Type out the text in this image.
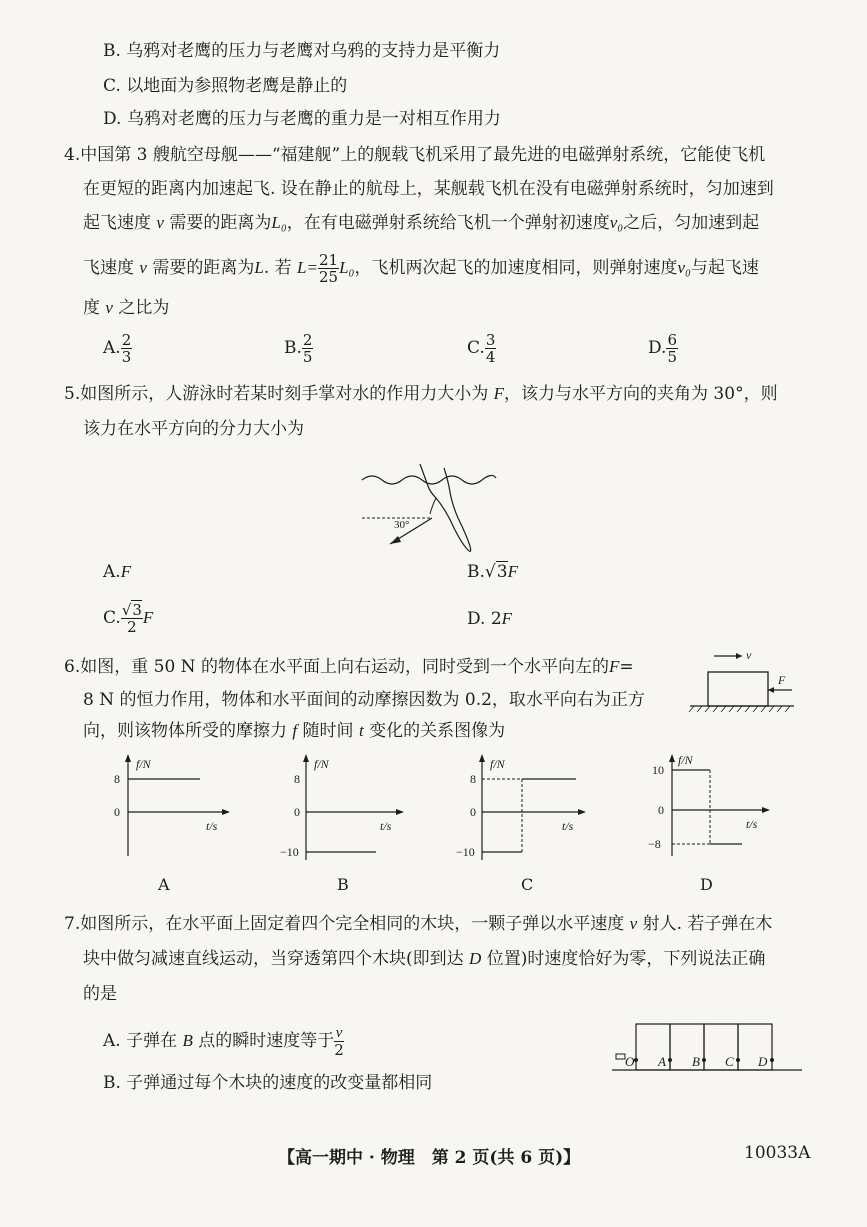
B. 乌鸦对老鹰的压力与老鹰对乌鸦的支持力是平衡力
C. 以地面为参照物老鹰是静止的
D. 乌鸦对老鹰的压力与老鹰的重力是一对相互作用力
4.中国第 3 艘航空母舰——“福建舰”上的舰载飞机采用了最先进的电磁弹射系统，它能使飞机
在更短的距离内加速起飞. 设在静止的航母上，某舰载飞机在没有电磁弹射系统时，匀加速到
起飞速度 v 需要的距离为L₀，在有电磁弹射系统给飞机一个弹射初速度v₀之后，匀加速到起
飞速度 v 需要的距离为L. 若 $L= \frac{21}{25} L_0$，飞机两次起飞的加速度相同，则弹射速度v₀与起飞速
度 v 之比为
A. $\frac{2}{3}$	B. $\frac{2}{5}$	C. $\frac{3}{4}$	D. $\frac{6}{5}$
5.如图所示，人游泳时若某时刻手掌对水的作用力大小为 F，该力与水平方向的夹角为 30°，则
该力在水平方向的分力大小为
30°
A.F	B.√3F
C. $\frac{√3}{2}$ F	D. 2F
6.如图，重 50 N 的物体在水平面上向右运动，同时受到一个水平向左的F=
8 N 的恒力作用，物体和水平面间的动摩擦因数为 0.2，取水平向右为正方
向，则该物体所受的摩擦力 f 随时间 t 变化的关系图像为
v
F
f/N
t/s
8
0
A
f/N
t/s
8
0
−10
B
f/N
t/s
8
0
−10
C
f/N
t/s
10
0
−8
D
7.如图所示，在水平面上固定着四个完全相同的木块，一颗子弹以水平速度 v 射人. 若子弹在木
块中做匀减速直线运动，当穿透第四个木块(即到达 D 位置)时速度恰好为零，下列说法正确
的是
A. 子弹在 B 点的瞬时速度等于 $\frac{v}{2}$
B. 子弹通过每个木块的速度的改变量都相同
O A B C D
【高一期中 · 物理　第 2 页(共 6 页)】	10033A
